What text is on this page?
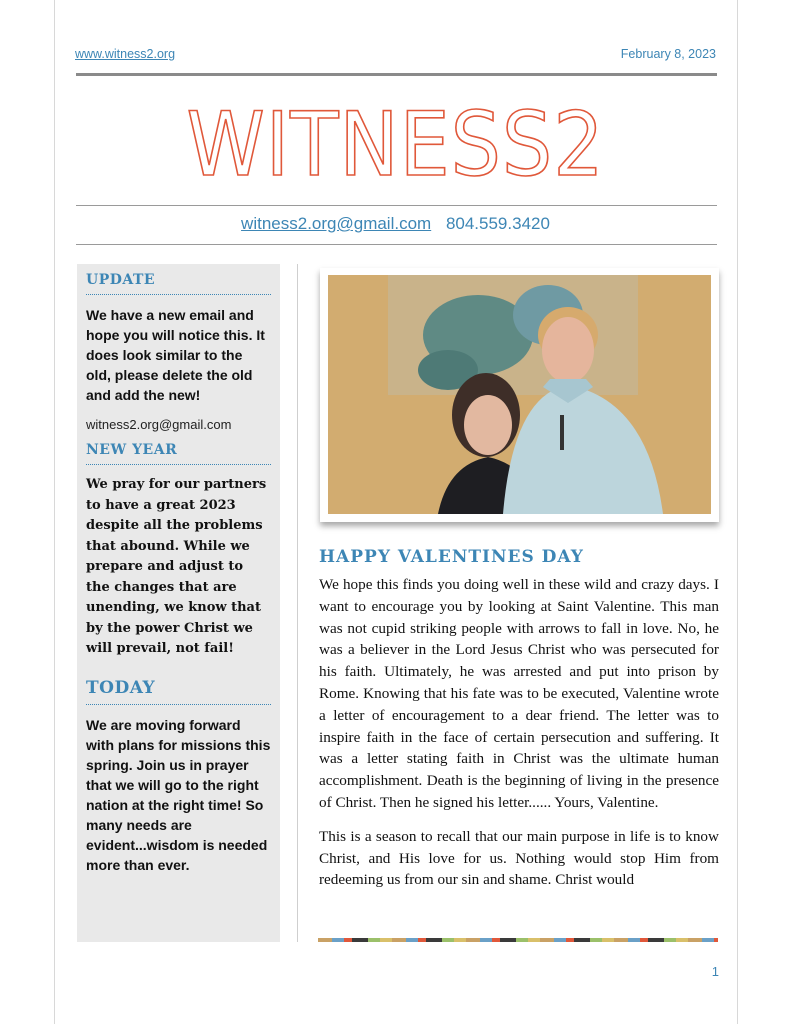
www.witness2.org	February 8, 2023
WITNESS2
witness2.org@gmail.com 804.559.3420
UPDATE
We have a new email and hope you will notice this. It does look similar to the old, please delete the old and add the new!
witness2.org@gmail.com
NEW YEAR
We pray for our partners to have a great 2023 despite all the problems that abound. While we prepare and adjust to the changes that are unending, we know that by the power Christ we will prevail, not fail!
TODAY
We are moving forward with plans for missions this spring. Join us in prayer that we will go to the right nation at the right time! So many needs are evident...wisdom is needed more than ever.
HAPPY VALENTINES DAY

We hope this finds you doing well in these wild and crazy days. I want to encourage you by looking at Saint Valentine. This man was not cupid striking people with arrows to fall in love. No, he was a believer in the Lord Jesus Christ who was persecuted for his faith. Ultimately, he was arrested and put into prison by Rome. Knowing that his fate was to be executed, Valentine wrote a letter of encouragement to a dear friend. The letter was to inspire faith in the face of certain persecution and suffering. It was a letter stating faith in Christ was the ultimate human accomplishment. Death is the beginning of living in the presence of Christ. Then he signed his letter...... Yours, Valentine.

This is a season to recall that our main purpose in life is to know Christ, and His love for us. Nothing would stop Him from redeeming us from our sin and shame. Christ would

1
